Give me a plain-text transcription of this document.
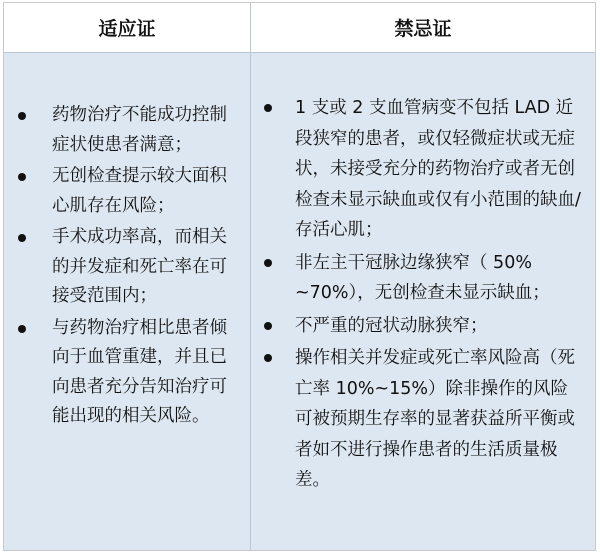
适应证	禁忌证
药物治疗不能成功控制症状使患者满意；
无创检查提示较大面积心肌存在风险；
手术成功率高，而相关的并发症和死亡率在可接受范围内；
与药物治疗相比患者倾向于血管重建，并且已向患者充分告知治疗可能出现的相关风险。
1 支或 2 支血管病变不包括 LAD 近段狭窄的患者，或仅轻微症状或无症状，未接受充分的药物治疗或者无创检查未显示缺血或仅有小范围的缺血/存活心肌；
非左主干冠脉边缘狭窄（ 50% ~70%），无创检查未显示缺血；
不严重的冠状动脉狭窄；
操作相关并发症或死亡率风险高（死亡率 10%~15%）除非操作的风险可被预期生存率的显著获益所平衡或者如不进行操作患者的生活质量极差。
